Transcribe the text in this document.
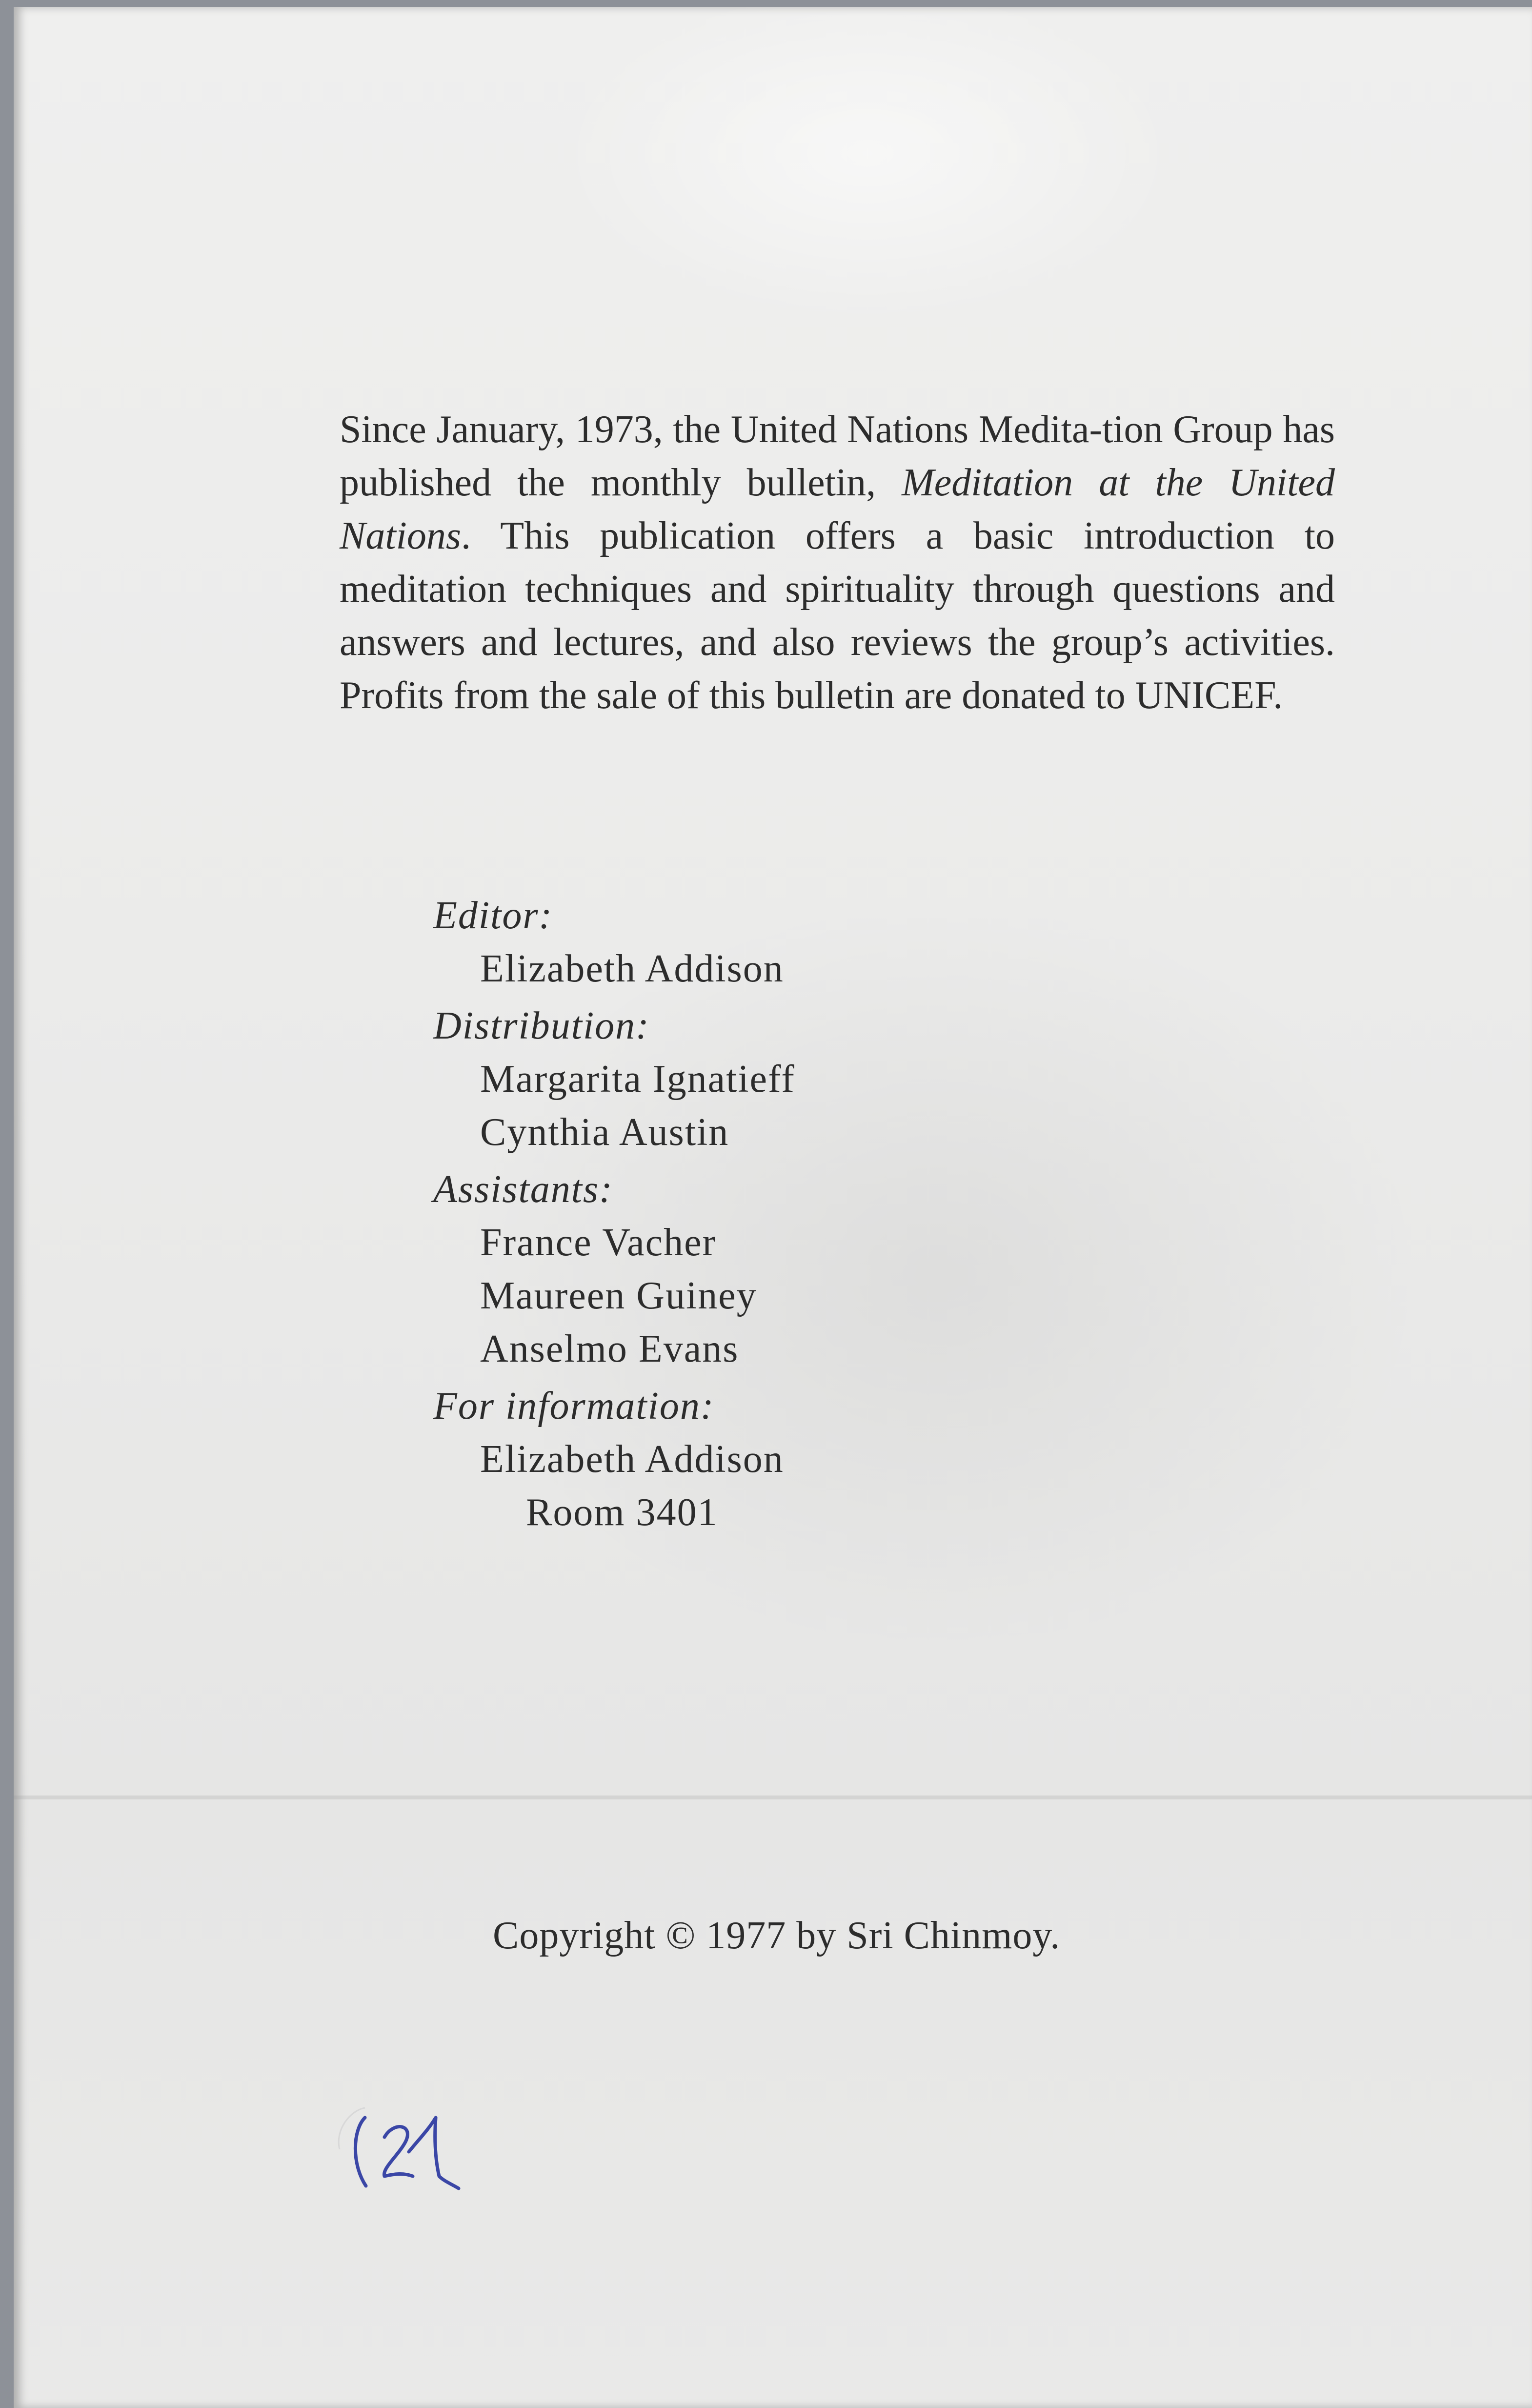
Since January, 1973, the United Nations Medita-tion Group has published the monthly bulletin, Meditation at the United Nations. This publication offers a basic introduction to meditation techniques and spirituality through questions and answers and lectures, and also reviews the group’s activities. Profits from the sale of this bulletin are donated to UNICEF.

Editor:
Elizabeth Addison
Distribution:
Margarita Ignatieff
Cynthia Austin
Assistants:
France Vacher
Maureen Guiney
Anselmo Evans
For information:
Elizabeth Addison
Room 3401
Copyright © 1977 by Sri Chinmoy.
